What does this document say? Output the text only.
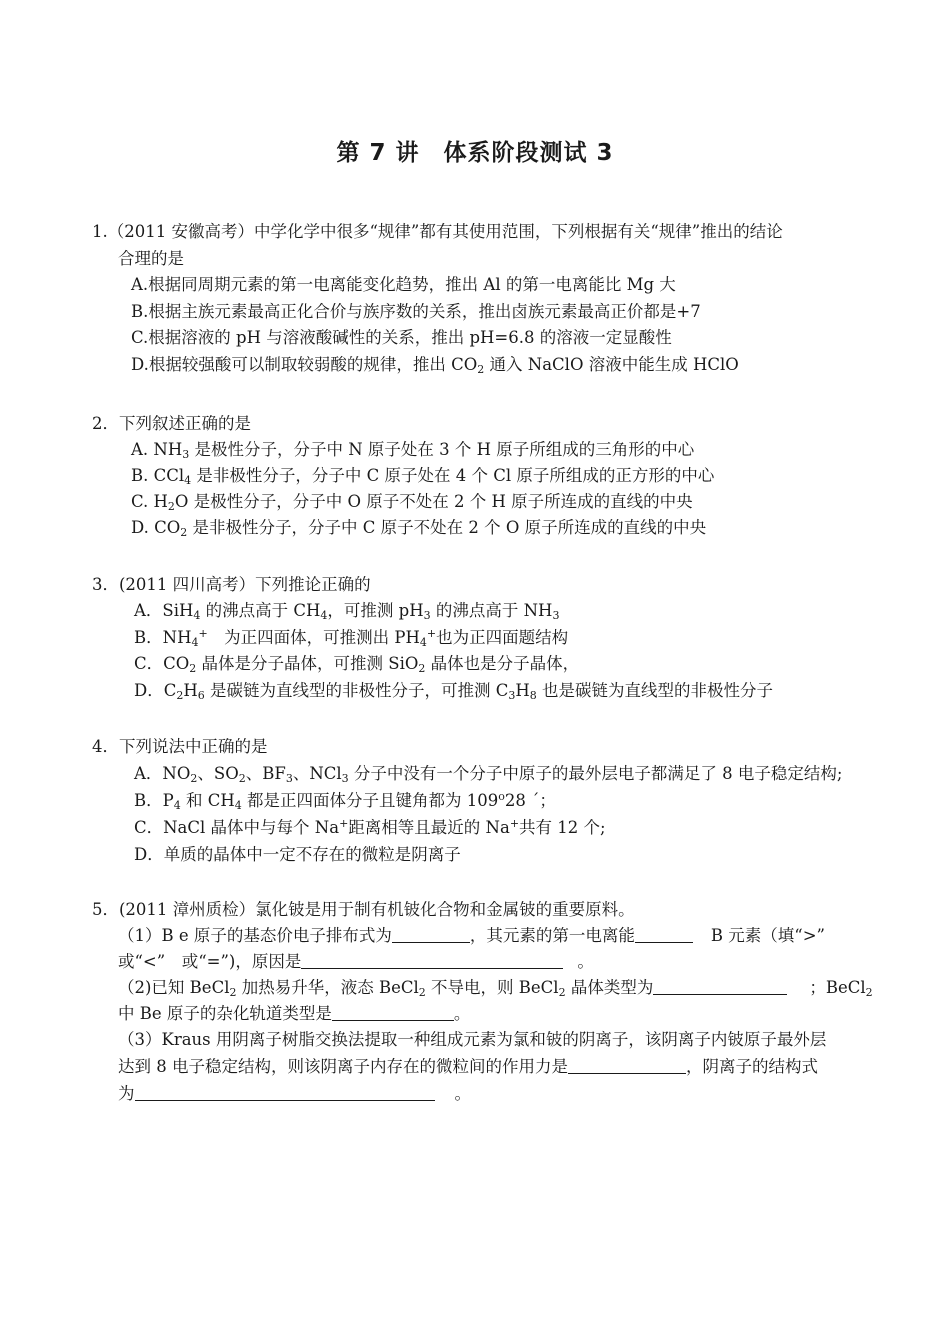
第 7 讲　体系阶段测试 3
1.（2011 安徽高考）中学化学中很多“规律”都有其使用范围，下列根据有关“规律”推出的结论
合理的是
A.根据同周期元素的第一电离能变化趋势，推出 Al 的第一电离能比 Mg 大
B.根据主族元素最高正化合价与族序数的关系，推出卤族元素最高正价都是+7
C.根据溶液的 pH 与溶液酸碱性的关系，推出 pH=6.8 的溶液一定显酸性
D.根据较强酸可以制取较弱酸的规律，推出 $CO_2$ 通入 NaClO 溶液中能生成 HClO
2．下列叙述正确的是
A. $NH_3$ 是极性分子，分子中 N 原子处在 3 个 H 原子所组成的三角形的中心
B. CCl$_4$ 是非极性分子，分子中 C 原子处在 4 个 Cl 原子所组成的正方形的中心
C. $H_2O$ 是极性分子，分子中 O 原子不处在 2 个 H 原子所连成的直线的中央
D. $CO_2$ 是非极性分子，分子中 C 原子不处在 2 个 O 原子所连成的直线的中央
3．(2011 四川高考）下列推论正确的
A．SiH$_4$ 的沸点高于 $CH_4$，可推测 $pH_3$ 的沸点高于 $NH_3$
B．$NH_4^+$　为正四面体，可推测出 $PH_4^+$也为正四面题结构
C．$CO_2$ 晶体是分子晶体，可推测 SiO$_2$ 晶体也是分子晶体，
D．$C_2H_6$ 是碳链为直线型的非极性分子，可推测 $C_3H_8$ 也是碳链为直线型的非极性分子
4．下列说法中正确的是
A．$NO_2$、$SO_2$、$BF_3$、NCl$_3$ 分子中没有一个分子中原子的最外层电子都满足了 8 电子稳定结构;
B．$P_4$ 和 $CH_4$ 都是正四面体分子且键角都为 109$^o$28 ´；
C．NaCl 晶体中与每个 Na+距离相等且最近的 Na+共有 12 个;
D．单质的晶体中一定不存在的微粒是阴离子
5．(2011 漳州质检）氯化铍是用于制有机铍化合物和金属铍的重要原料。
（1）B e 原子的基态价电子排布式为	，其元素的第一电离能	B 元素（填“>”
或“<”　或“=”)，原因是	。
（2)已知 BeCl$_2$ 加热易升华，液态 BeCl$_2$ 不导电，则 BeCl$_2$ 晶体类型为	；BeCl$_2$
中 Be 原子的杂化轨道类型是	。
（3）Kraus 用阴离子树脂交换法提取一种组成元素为氯和铍的阴离子，该阴离子内铍原子最外层
达到 8 电子稳定结构，则该阴离子内存在的微粒间的作用力是	，阴离子的结构式
为	。
